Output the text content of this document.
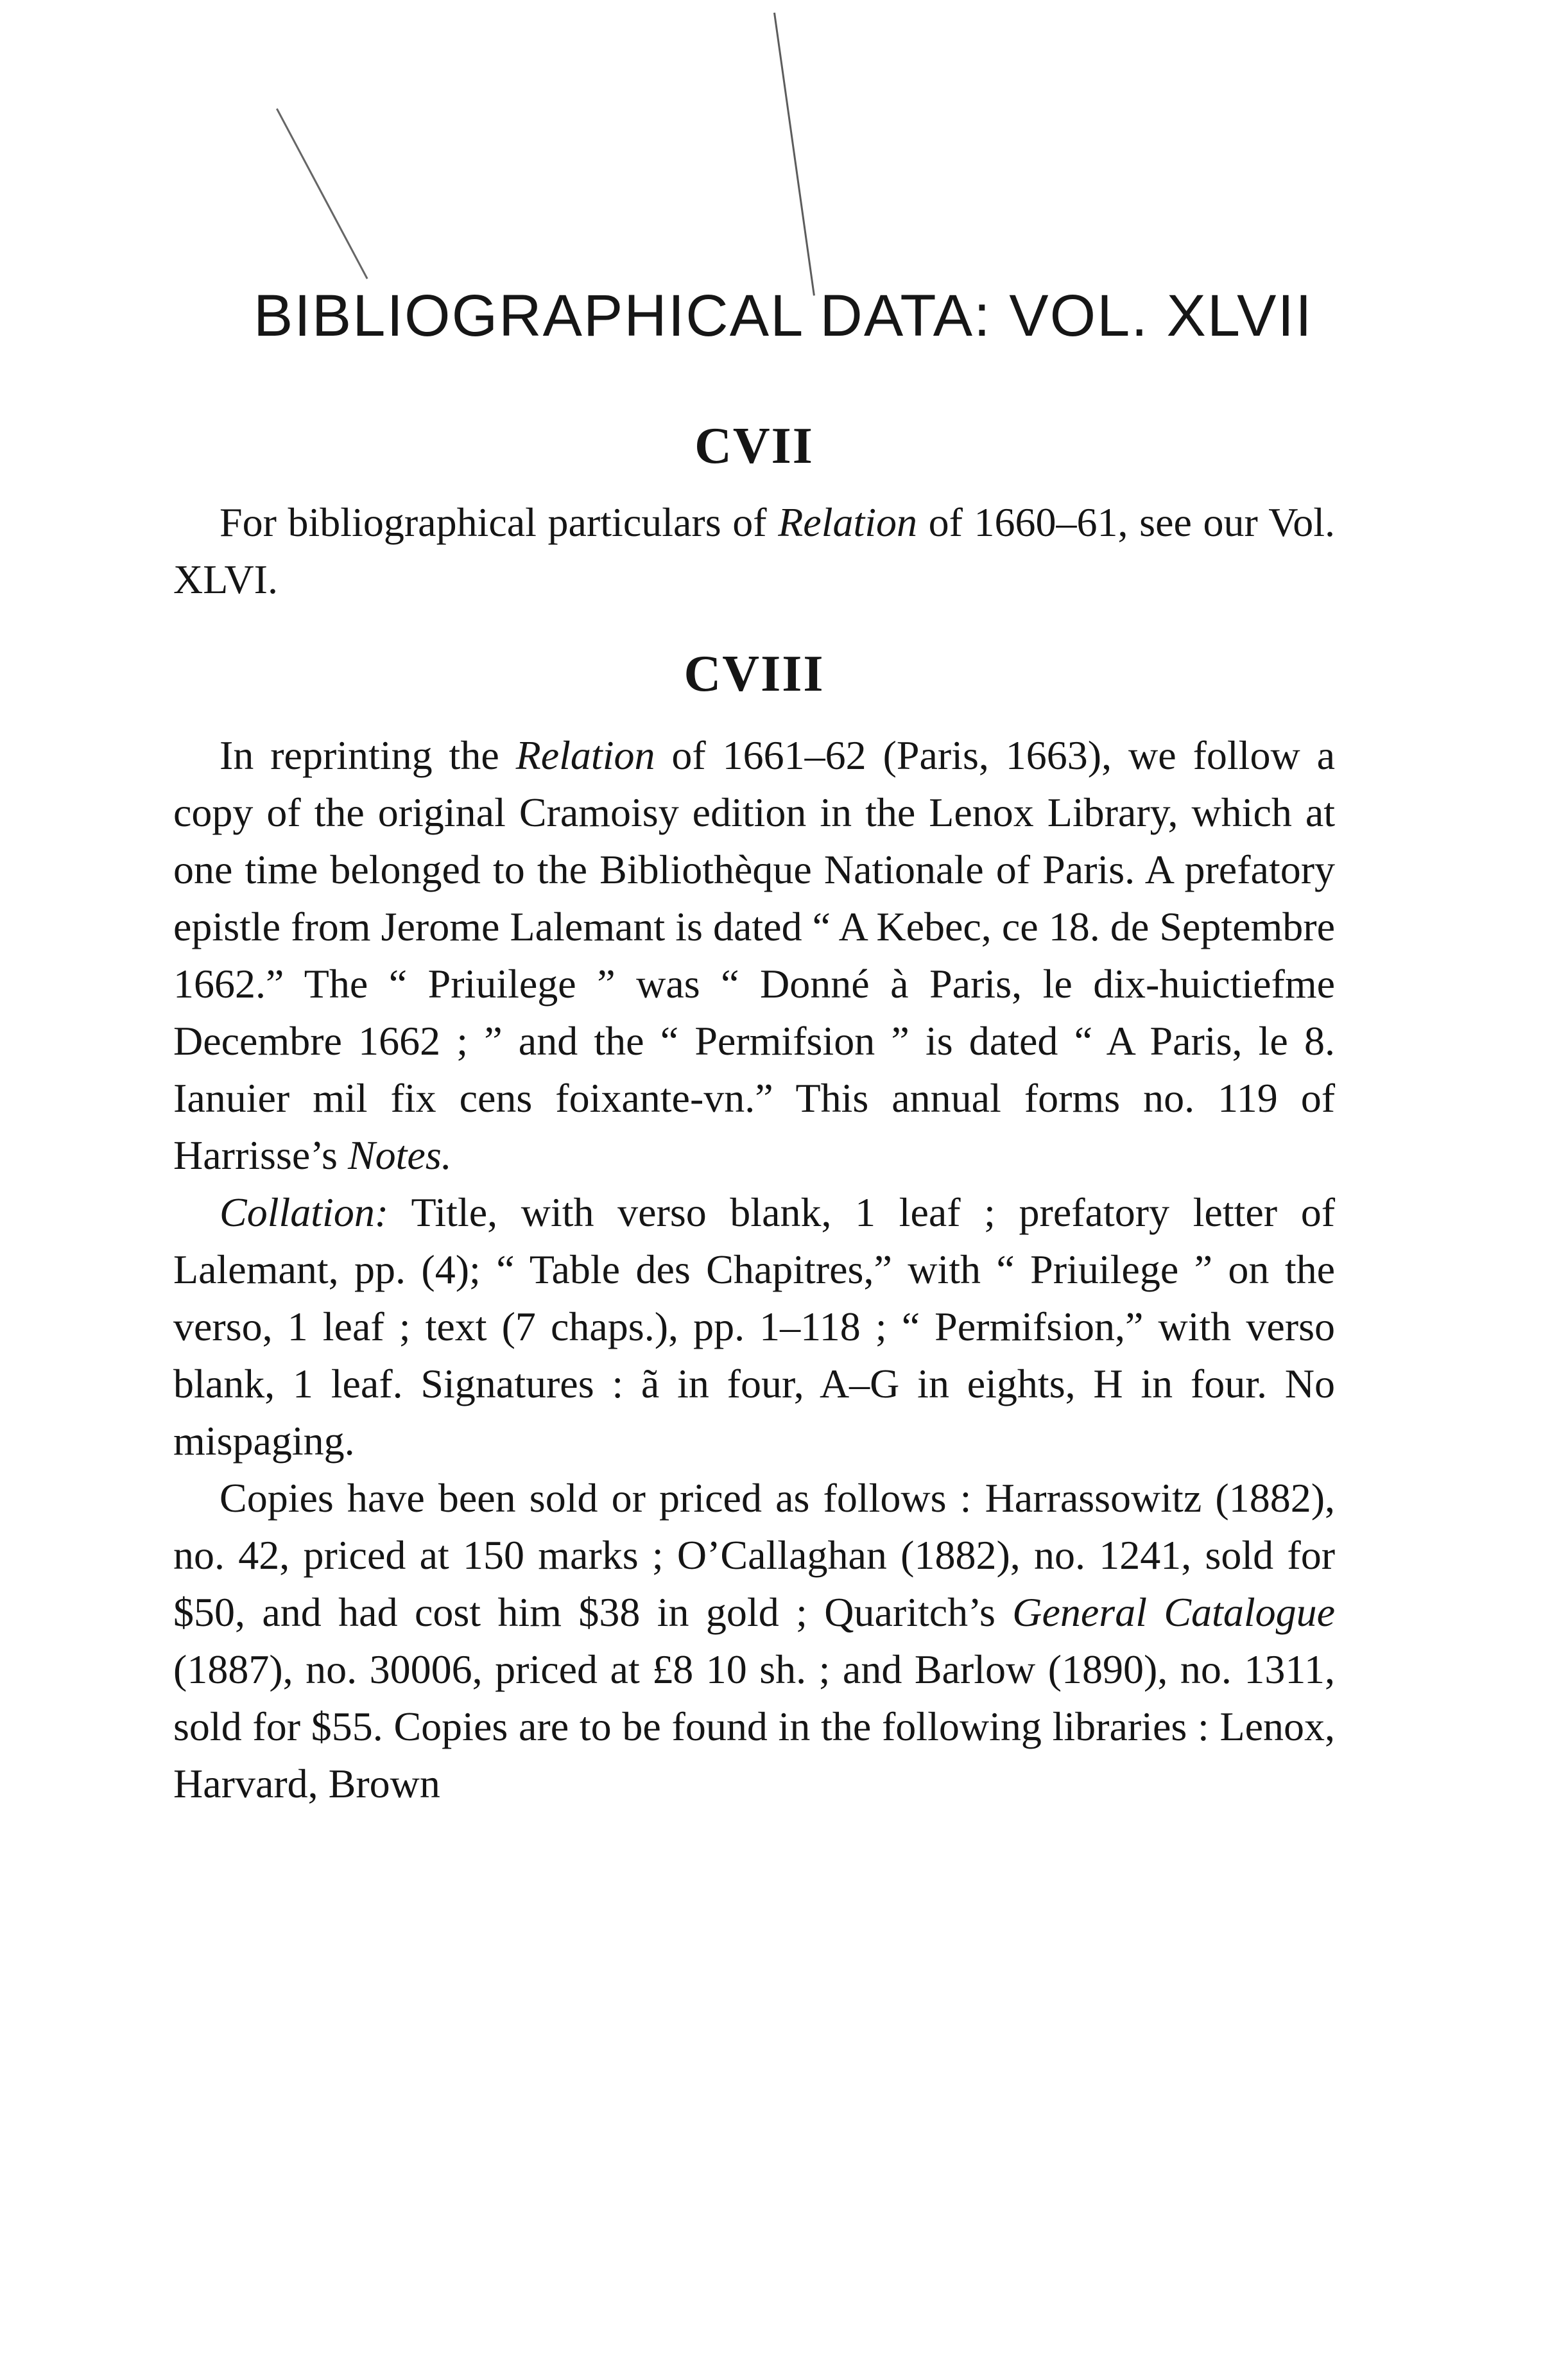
BIBLIOGRAPHICAL DATA: VOL. XLVII
CVII

For bibliographical particulars of Relation of 1660–61, see our Vol. XLVI.

CVIII

In reprinting the Relation of 1661–62 (Paris, 1663), we follow a copy of the original Cramoisy edition in the Lenox Library, which at one time belonged to the Bibliothèque Nationale of Paris. A prefatory epistle from Jerome Lalemant is dated “ A Kebec, ce 18. de Septembre 1662.” The “ Priuilege ” was “ Donné à Paris, le dix-huictiefme Decembre 1662 ; ” and the “ Permifsion ” is dated “ A Paris, le 8. Ianuier mil fix cens foixante-vn.” This annual forms no. 119 of Harrisse’s Notes.

Collation: Title, with verso blank, 1 leaf ; prefatory letter of Lalemant, pp. (4); “ Table des Chapitres,” with “ Priuilege ” on the verso, 1 leaf ; text (7 chaps.), pp. 1–118 ; “ Permifsion,” with verso blank, 1 leaf. Signatures : ã in four, A–G in eights, H in four. No mispaging.

Copies have been sold or priced as follows : Harrassowitz (1882), no. 42, priced at 150 marks ; O’Callaghan (1882), no. 1241, sold for $50, and had cost him $38 in gold ; Quaritch’s General Catalogue (1887), no. 30006, priced at £8 10 sh. ; and Barlow (1890), no. 1311, sold for $55. Copies are to be found in the following libraries : Lenox, Harvard, Brown
